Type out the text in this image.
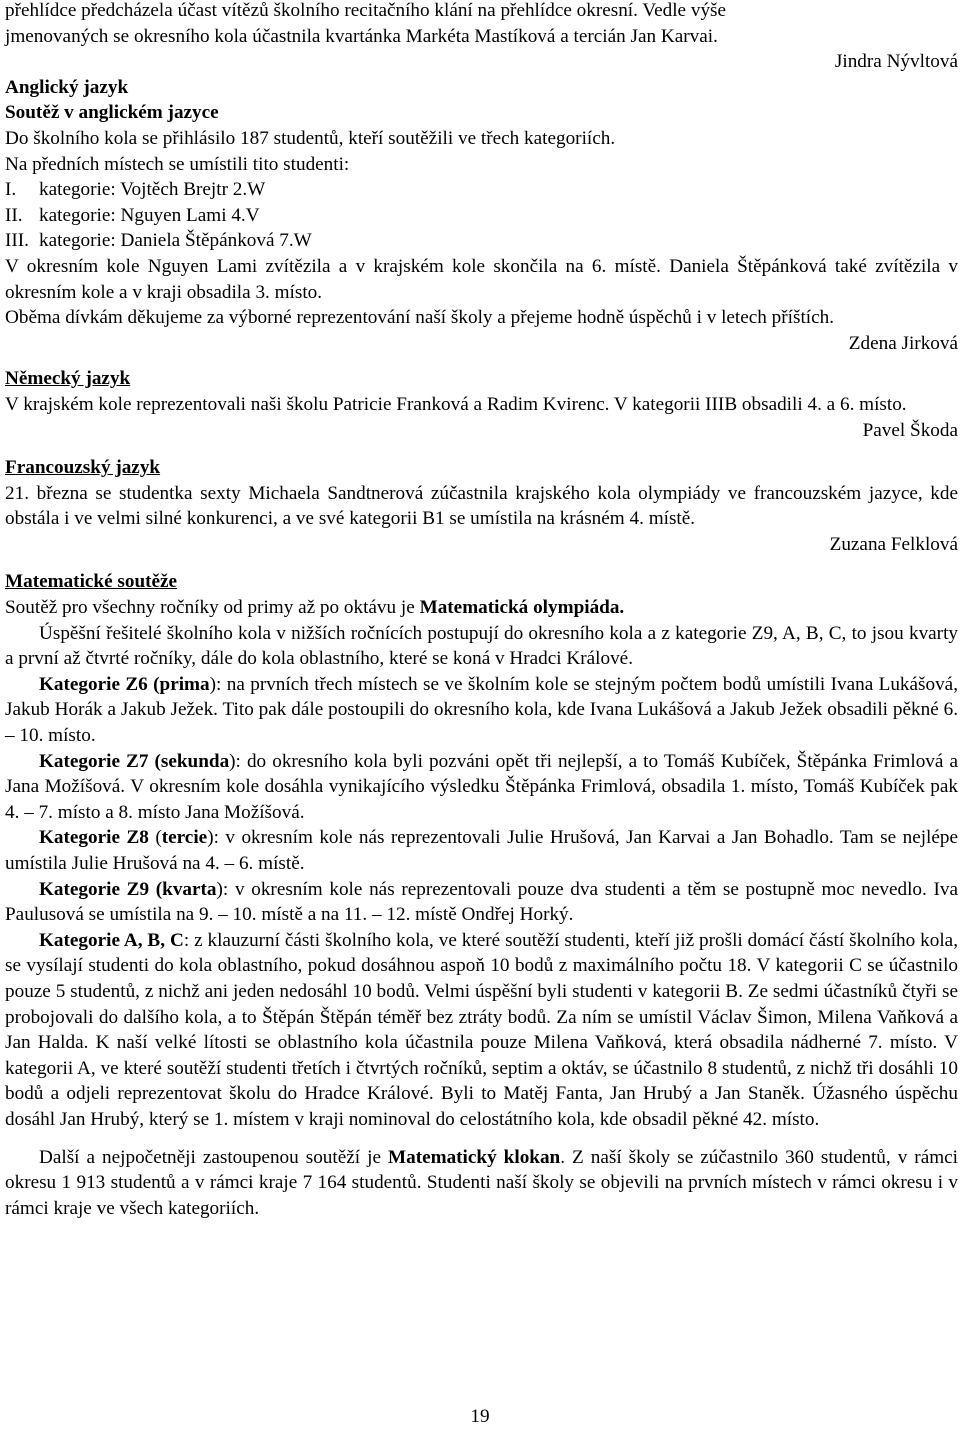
přehlídce předcházela účast vítězů školního recitačního klání na přehlídce okresní. Vedle výše

jmenovaných se okresního kola účastnila kvartánka Markéta Mastíková a tercián Jan Karvai.

Jindra Nývltová

Anglický jazyk
Soutěž v anglickém jazyce

Do školního kola se přihlásilo 187 studentů, kteří soutěžili ve třech kategoriích.

Na předních místech se umístili tito studenti:

I.	kategorie: Vojtěch Brejtr 2.W
II. kategorie: Nguyen Lami 4.V
III. kategorie: Daniela Štěpánková 7.W

V okresním kole Nguyen Lami zvítězila a v krajském kole skončila na 6. místě. Daniela Štěpánková také zvítězila v okresním kole a v kraji obsadila 3. místo.

Oběma dívkám děkujeme za výborné reprezentování naší školy a přejeme hodně úspěchů i v letech příštích.

Zdena Jirková

Německý jazyk

V krajském kole reprezentovali naši školu Patricie Franková a Radim Kvirenc. V kategorii IIIB obsadili 4. a 6. místo.

Pavel Škoda

Francouzský jazyk

21. března se studentka sexty Michaela Sandtnerová zúčastnila krajského kola olympiády ve francouzském jazyce, kde obstála i ve velmi silné konkurenci, a ve své kategorii B1 se umístila na krásném 4. místě.

Zuzana Felklová

Matematické soutěže

Soutěž pro všechny ročníky od primy až po oktávu je Matematická olympiáda.

Úspěšní řešitelé školního kola v nižších ročnících postupují do okresního kola a z kategorie Z9, A, B, C, to jsou kvarty a první až čtvrté ročníky, dále do kola oblastního, které se koná v Hradci Králové.

Kategorie Z6 (prima): na prvních třech místech se ve školním kole se stejným počtem bodů umístili Ivana Lukášová, Jakub Horák a Jakub Ježek. Tito pak dále postoupili do okresního kola, kde Ivana Lukášová a Jakub Ježek obsadili pěkné 6. – 10. místo.

Kategorie Z7 (sekunda): do okresního kola byli pozváni opět tři nejlepší, a to Tomáš Kubíček, Štěpánka Frimlová a Jana Možíšová. V okresním kole dosáhla vynikajícího výsledku Štěpánka Frimlová, obsadila 1. místo, Tomáš Kubíček pak 4. – 7. místo a 8. místo Jana Možíšová.

Kategorie Z8 (tercie): v okresním kole nás reprezentovali Julie Hrušová, Jan Karvai a Jan Bohadlo. Tam se nejlépe umístila Julie Hrušová na 4. – 6. místě.

Kategorie Z9 (kvarta): v okresním kole nás reprezentovali pouze dva studenti a těm se postupně moc nevedlo. Iva Paulusová se umístila na 9. – 10. místě a na 11. – 12. místě Ondřej Horký.

Kategorie A, B, C: z klauzurní části školního kola, ve které soutěží studenti, kteří již prošli domácí částí školního kola, se vysílají studenti do kola oblastního, pokud dosáhnou aspoň 10 bodů z maximálního počtu 18. V kategorii C se účastnilo pouze 5 studentů, z nichž ani jeden nedosáhl 10 bodů. Velmi úspěšní byli studenti v kategorii B. Ze sedmi účastníků čtyři se probojovali do dalšího kola, a to Štěpán Štěpán téměř bez ztráty bodů. Za ním se umístil Václav Šimon, Milena Vaňková a Jan Halda. K naší velké lítosti se oblastního kola účastnila pouze Milena Vaňková, která obsadila nádherné 7. místo. V kategorii A, ve které soutěží studenti třetích i čtvrtých ročníků, septim a oktáv, se účastnilo 8 studentů, z nichž tři dosáhli 10 bodů a odjeli reprezentovat školu do Hradce Králové. Byli to Matěj Fanta, Jan Hrubý a Jan Staněk. Úžasného úspěchu dosáhl Jan Hrubý, který se 1. místem v kraji nominoval do celostátního kola, kde obsadil pěkné 42. místo.

Další a nejpočetněji zastoupenou soutěží je Matematický klokan. Z naší školy se zúčastnilo 360 studentů, v rámci okresu 1 913 studentů a v rámci kraje 7 164 studentů. Studenti naší školy se objevili na prvních místech v rámci okresu i v rámci kraje ve všech kategoriích.

19
